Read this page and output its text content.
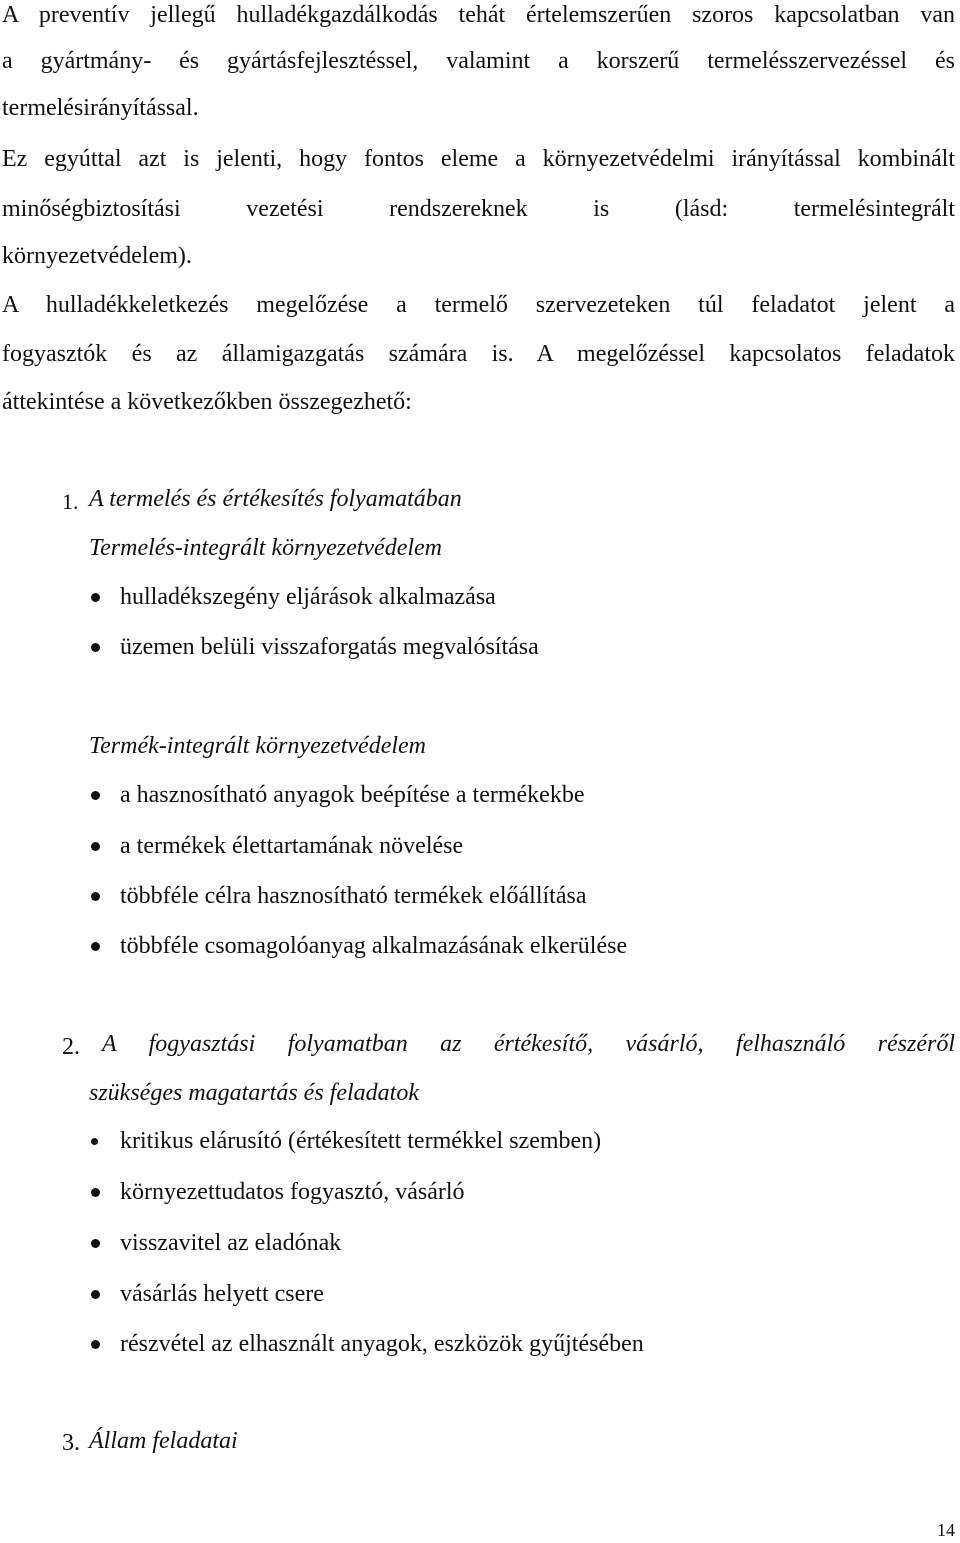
A preventív jellegű hulladékgazdálkodás tehát értelemszerűen szoros kapcsolatban van
a gyártmány- és gyártásfejlesztéssel, valamint a korszerű termelésszervezéssel és
termelésirányítással.
Ez egyúttal azt is jelenti, hogy fontos eleme a környezetvédelmi irányítással kombinált
minőségbiztosítási vezetési rendszereknek is (lásd: termelésintegrált
környezetvédelem).
A hulladékkeletkezés megelőzése a termelő szervezeteken túl feladatot jelent a
fogyasztók és az államigazgatás számára is. A megelőzéssel kapcsolatos feladatok
áttekintése a következőkben összegezhető:
1. A termelés és értékesítés folyamatában
Termelés-integrált környezetvédelem
hulladékszegény eljárások alkalmazása
üzemen belüli visszaforgatás megvalósítása
Termék-integrált környezetvédelem
a hasznosítható anyagok beépítése a termékekbe
a termékek élettartamának növelése
többféle célra hasznosítható termékek előállítása
többféle csomagolóanyag alkalmazásának elkerülése
2. A fogyasztási folyamatban az értékesítő, vásárló, felhasználó részéről
szükséges magatartás és feladatok
kritikus elárusító (értékesített termékkel szemben)
környezettudatos fogyasztó, vásárló
visszavitel az eladónak
vásárlás helyett csere
részvétel az elhasznált anyagok, eszközök gyűjtésében
3. Állam feladatai
14
